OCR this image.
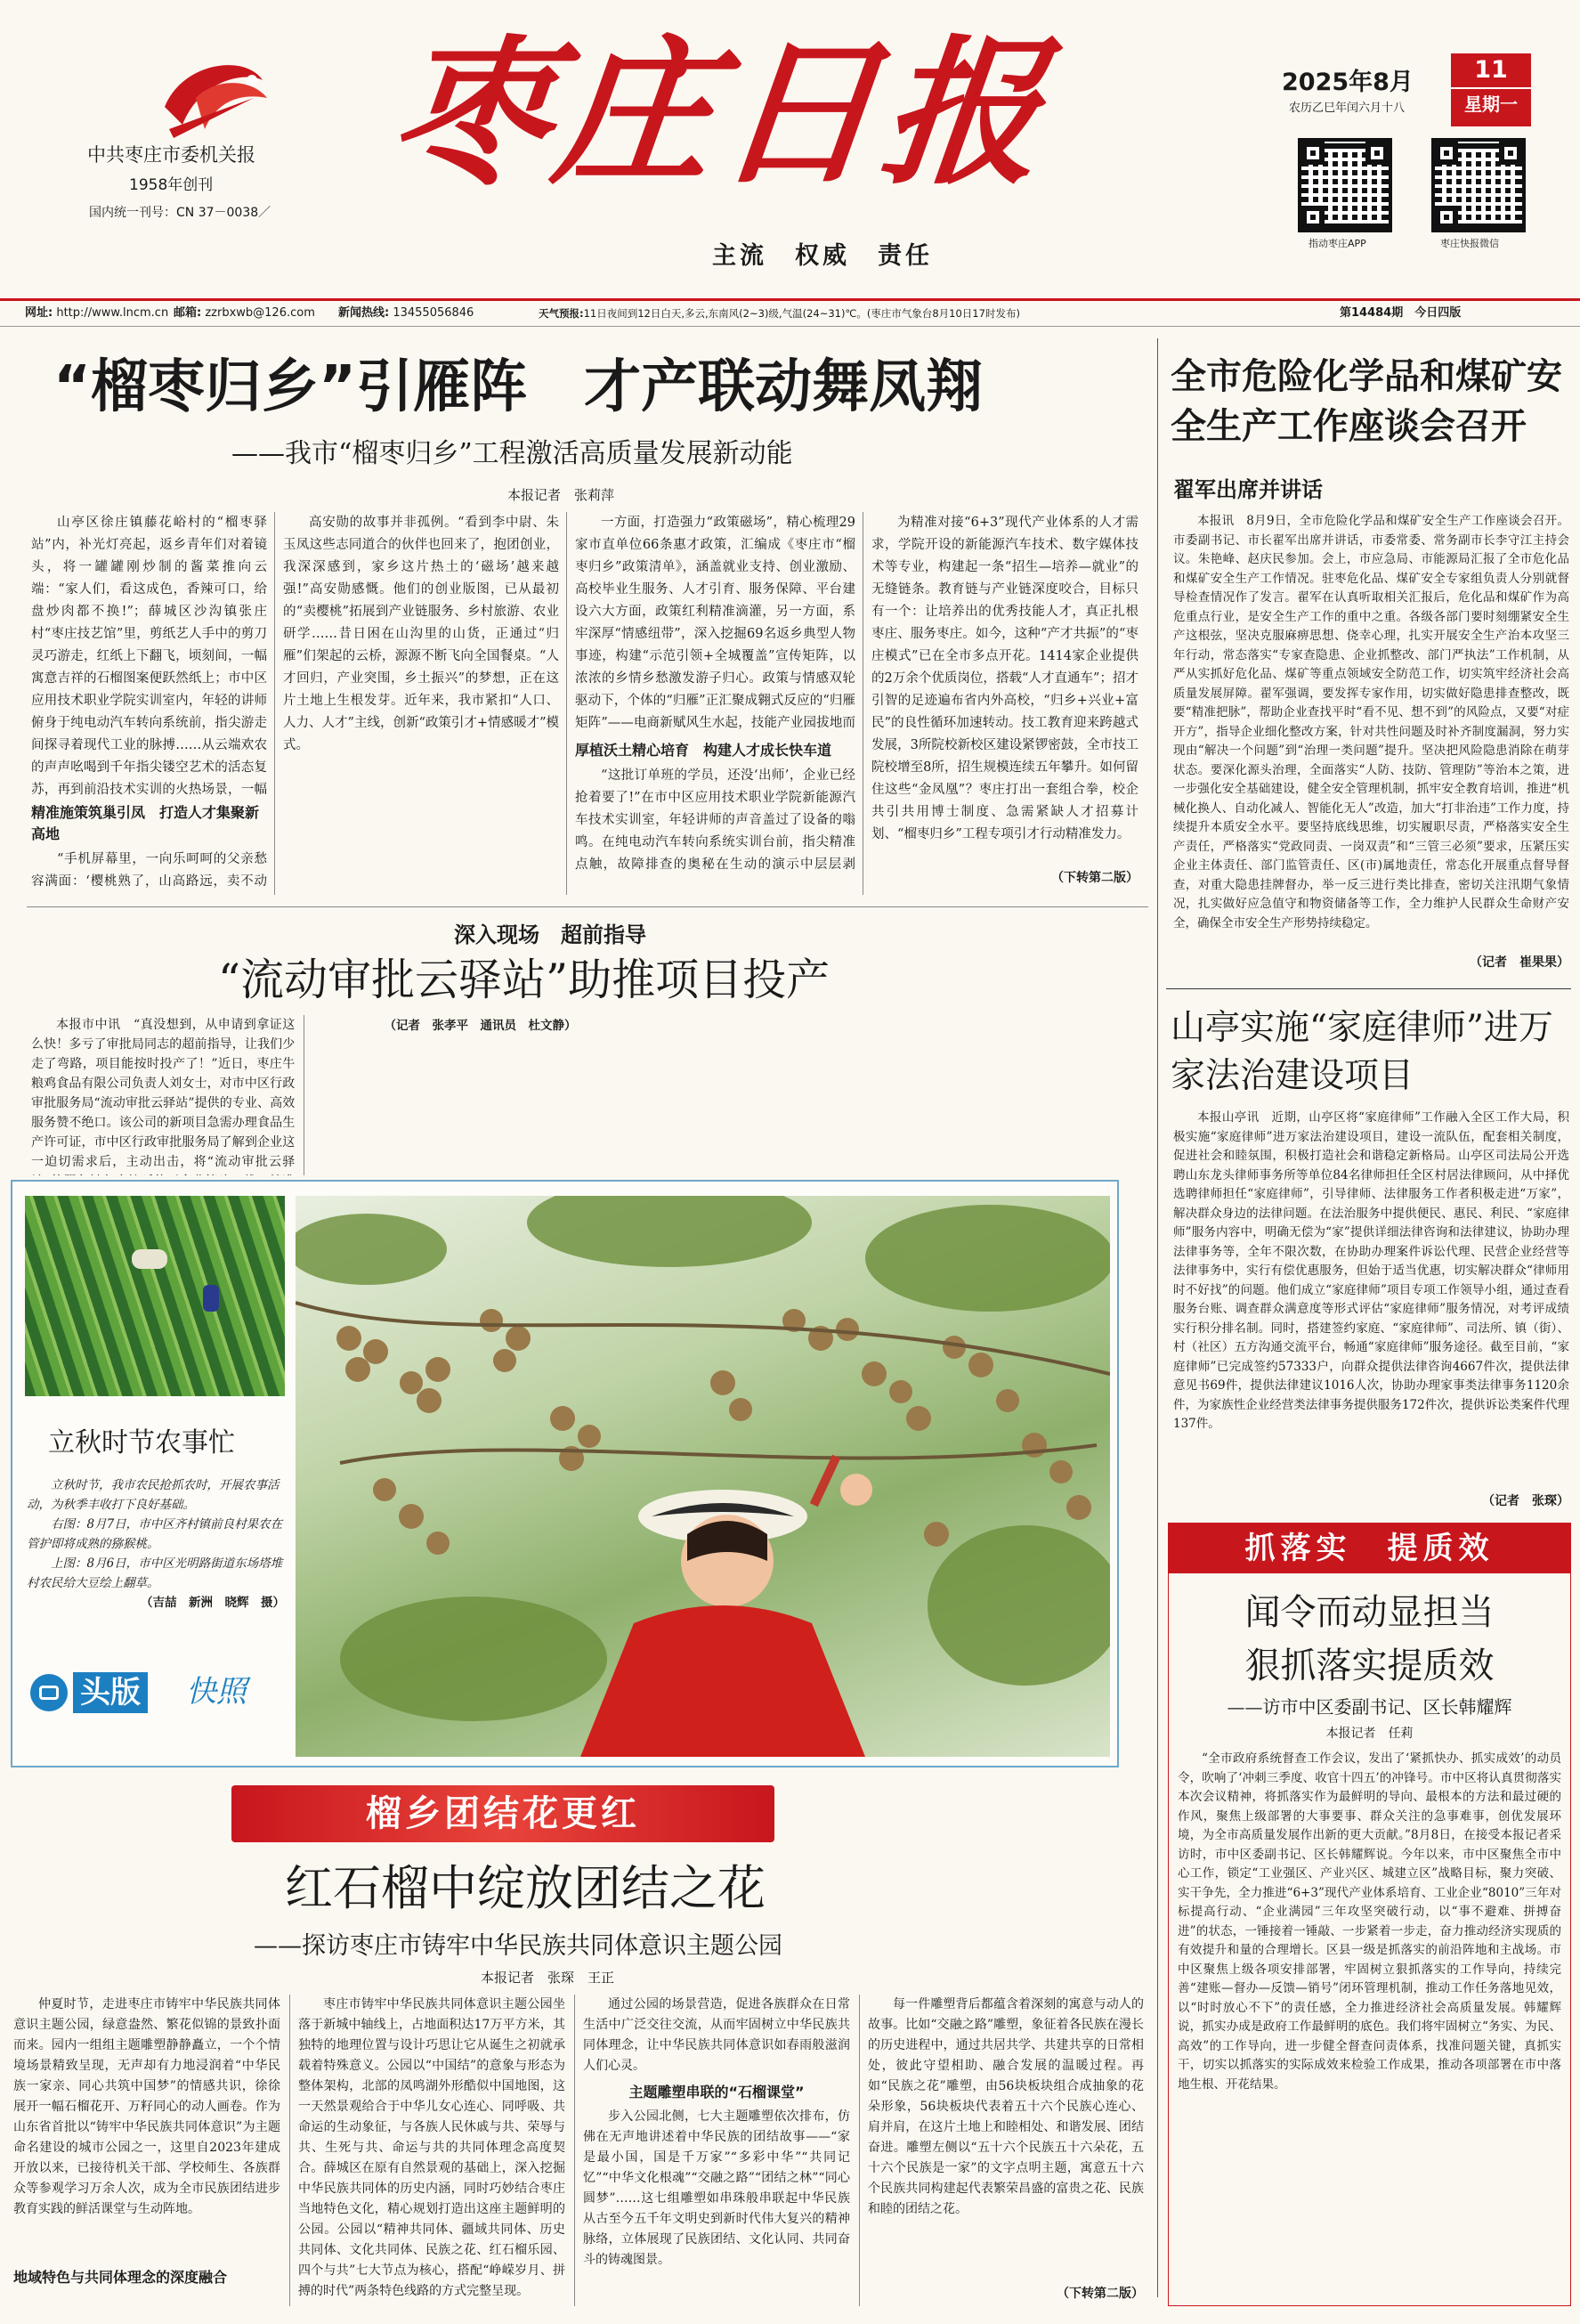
中共枣庄市委机关报
1958年创刊
国内统一刊号：CN 37－0038／
枣庄日报
主流　权威　责任
2025年8月
农历乙巳年闰六月十八
11
星期一
指动枣庄APP	枣庄快报微信
网址: http://www.lncm.cn 邮箱: zzrbxwb@126.com 新闻热线: 13455056846	天气预报:11日夜间到12日白天,多云,东南风(2~3)级,气温(24~31)℃。(枣庄市气象台8月10日17时发布)	第14484期　今日四版
“榴枣归乡”引雁阵　才产联动舞凤翔
——我市“榴枣归乡”工程激活高质量发展新动能
本报记者　张莉萍

山亭区徐庄镇藤花峪村的“榴枣驿站”内，补光灯亮起，返乡青年们对着镜头，将一罐罐刚炒制的酱菜推向云端：“家人们，看这成色，香辣可口，给盘炒肉都不换!”；薛城区沙沟镇张庄村“枣庄技艺馆”里，剪纸艺人手中的剪刀灵巧游走，红纸上下翻飞，顷刻间，一幅寓意吉祥的石榴图案便跃然纸上；市中区应用技术职业学院实训室内，年轻的讲师俯身于纯电动汽车转向系统前，指尖游走间探寻着现代工业的脉搏……从云端欢农的声声吆喝到千年指尖镂空艺术的活态复苏，再到前沿技术实训的火热场景，一幅

精准施策筑巢引凤　打造人才集聚新高地

“手机屏幕里，一向乐呵呵的父亲愁容满面：‘樱桃熟了，山高路远，卖不动

高安勋的故事并非孤例。“看到李中尉、朱玉凤这些志同道合的伙伴也回来了，抱团创业，我深深感到，家乡这片热土的‘磁场’越来越强!”高安勋感慨。他们的创业版图，已从最初的“卖樱桃”拓展到产业链服务、乡村旅游、农业研学……昔日困在山沟里的山货，正通过“归雁”们架起的云桥，源源不断飞向全国餐桌。“人才回归，产业突围，乡土振兴”的梦想，正在这片土地上生根发芽。近年来，我市紧扣“人口、人力、人才”主线，创新“政策引才+情感暖才”模式。

一方面，打造强力“政策磁场”，精心梳理29家市直单位66条惠才政策，汇编成《枣庄市“榴枣归乡”政策清单》，涵盖就业支持、创业激励、高校毕业生服务、人才引育、服务保障、平台建设六大方面，政策红利精准滴灌，另一方面，系牢深厚“情感纽带”，深入挖掘69名返乡典型人物事迹，构建“示范引领+全城覆盖”宣传矩阵，以浓浓的乡情乡愁激发游子归心。政策与情感双轮驱动下，个体的“归雁”正汇聚成翱式反应的“归雁矩阵”——电商新赋风生水起，技能产业园拔地而

厚植沃土精心培育　构建人才成长快车道

“这批订单班的学员，还没‘出师’，企业已经抢着要了!”在市中区应用技术职业学院新能源汽车技术实训室，年轻讲师的声音盖过了设备的嗡鸣。在纯电动汽车转向系统实训台前，指尖精准点触，故障排查的奥秘在生动的演示中层层剥

为精准对接“6+3”现代产业体系的人才需求，学院开设的新能源汽车技术、数字媒体技术等专业，构建起一条“招生—培养—就业”的无缝链条。教育链与产业链深度咬合，目标只有一个：让培养出的优秀技能人才，真正扎根枣庄、服务枣庄。如今，这种“产才共振”的“枣庄模式”已在全市多点开花。1414家企业提供的2万余个优质岗位，搭载“人才直通车”；招才引智的足迹遍布省内外高校，“归乡+兴业+富民”的良性循环加速转动。技工教育迎来跨越式发展，3所院校新校区建设紧锣密鼓，全市技工院校增至8所，招生规模连续五年攀升。如何留住这些“金凤凰”？枣庄打出一套组合拳，校企共引共用博士制度、急需紧缺人才招募计划、“榴枣归乡”工程专项引才行动精准发力。

（下转第二版）
全市危险化学品和煤矿安全生产工作座谈会召开
翟军出席并讲话

本报讯　8月9日，全市危险化学品和煤矿安全生产工作座谈会召开。市委副书记、市长翟军出席并讲话，市委常委、常务副市长李守江主持会议。朱艳峰、赵庆民参加。会上，市应急局、市能源局汇报了全市危化品和煤矿安全生产工作情况。驻枣危化品、煤矿安全专家组负责人分别就督导检查情况作了发言。翟军在认真听取相关汇报后，危化品和煤矿作为高危重点行业，是安全生产工作的重中之重。各级各部门要时刻绷紧安全生产这根弦，坚决克服麻痹思想、侥幸心理，扎实开展安全生产治本攻坚三年行动，常态落实“专家查隐患、企业抓整改、部门严执法”工作机制，从严从实抓好危化品、煤矿等重点领域安全防范工作，切实筑牢经济社会高质量发展屏障。翟军强调，要发挥专家作用，切实做好隐患排查整改，既要“精准把脉”，帮助企业查找平时“看不见、想不到”的风险点，又要“对症开方”，指导企业细化整改方案，针对共性问题及时补齐制度漏洞，努力实现由“解决一个问题”到“治理一类问题”提升。坚决把风险隐患消除在萌芽状态。要深化源头治理，全面落实“人防、技防、管理防”等治本之策，进一步强化安全基础建设，健全安全管理机制，抓牢安全教育培训，推进“机械化换人、自动化减人、智能化无人”改造，加大“打非治违”工作力度，持续提升本质安全水平。要坚持底线思维，切实履职尽责，严格落实安全生产责任，严格落实“党政同责、一岗双责”和“三管三必须”要求，压紧压实企业主体责任、部门监管责任、区(市)属地责任，常态化开展重点督导督查，对重大隐患挂牌督办，举一反三进行类比排查，密切关注汛期气象情况，扎实做好应急值守和物资储备等工作，全力维护人民群众生命财产安全，确保全市安全生产形势持续稳定。

（记者　崔果果）
山亭实施“家庭律师”进万家法治建设项目

本报山亭讯　近期，山亭区将“家庭律师”工作融入全区工作大局，积极实施“家庭律师”进万家法治建设项目，建设一流队伍，配套相关制度，促进社会和睦氛围，积极打造社会和谐稳定新格局。山亭区司法局公开选聘山东龙头律师事务所等单位84名律师担任全区村居法律顾问，从中择优选聘律师担任“家庭律师”，引导律师、法律服务工作者积极走进“万家”，解决群众身边的法律问题。在法治服务中提供便民、惠民、利民、“家庭律师”服务内容中，明确无偿为“家”提供详细法律咨询和法律建议，协助办理法律事务等，全年不限次数，在协助办理案件诉讼代理、民营企业经营等法律事务中，实行有偿优惠服务，但始于适当优惠，切实解决群众“律师用时不好找”的问题。他们成立“家庭律师”项目专项工作领导小组，通过查看服务台账、调查群众满意度等形式评估“家庭律师”服务情况，对考评成绩实行积分排名制。同时，搭建签约家庭、“家庭律师”、司法所、镇（街）、村（社区）五方沟通交流平台，畅通“家庭律师”服务途径。截至目前，“家庭律师”已完成签约57333户，向群众提供法律咨询4667件次，提供法律意见书69件，提供法律建议1016人次，协助办理家事类法律事务1120余件，为家族性企业经营类法律事务提供服务172件次，提供诉讼类案件代理137件。

（记者　张琛）
深入现场　超前指导
“流动审批云驿站”助推项目投产

本报市中讯　“真没想到，从申请到拿证这么快！多亏了审批局同志的超前指导，让我们少走了弯路，项目能按时投产了！”近日，枣庄牛粮鸡食品有限公司负责人刘女士，对市中区行政审批服务局“流动审批云驿站”提供的专业、高效服务赞不绝口。该公司的新项目急需办理食品生产许可证，市中区行政审批服务局了解到企业这一迫切需求后，主动出击，将“流动审批云驿

（记者　张孝平　通讯员　杜文静）
立秋时节农事忙

立秋时节，我市农民抢抓农时，开展农事活动，为秋季丰收打下良好基础。

右图：8月7日，市中区齐村镇前良村果农在管护即将成熟的猕猴桃。

上图：8月6日，市中区光明路街道东场塔堆村农民给大豆绘上翻草。

（吉喆　新洲　晓辉　摄）

头版 快照
榴乡团结花更红
红石榴中绽放团结之花
——探访枣庄市铸牢中华民族共同体意识主题公园
本报记者　张琛　王正

仲夏时节，走进枣庄市铸牢中华民族共同体意识主题公园，绿意盎然、繁花似锦的景致扑面而来。园内一组组主题雕塑静静矗立，一个个情境场景精致呈现，无声却有力地浸润着“中华民族一家亲、同心共筑中国梦”的情感共识，徐徐展开一幅石榴花开、万籽同心的动人画卷。作为山东省首批以“铸牢中华民族共同体意识”为主题命名建设的城市公园之一，这里自2023年建成开放以来，已接待机关干部、学校师生、各族群众等参观学习万余人次，成为全市民族团结进步教育实践的鲜活课堂与生动阵地。

地域特色与共同体理念的深度融合

枣庄市铸牢中华民族共同体意识主题公园坐落于新城中轴线上，占地面积达17万平方米，其独特的地理位置与设计巧思让它从诞生之初就承载着特殊意义。公园以“中国结”的意象与形态为整体架构，北部的凤鸣湖外形酷似中国地图，这一天然景观给合于中华儿女心连心、同呼吸、共命运的生动象征，与各族人民休戚与共、荣辱与共、生死与共、命运与共的共同体理念高度契合。薛城区在原有自然景观的基础上，深入挖掘中华民族共同体的历史内涵，同时巧妙结合枣庄当地特色文化，精心规划打造出这座主题鲜明的公园。公园以“精神共同体、疆域共同体、历史共同体、文化共同体、民族之花、红石榴乐园、四个与共”七大节点为核心，搭配“峥嵘岁月、拼搏的时代”两条特色线路的方式完整呈现。

通过公园的场景营造，促进各族群众在日常生活中广泛交往交流，从而牢固树立中华民族共同体理念，让中华民族共同体意识如春雨般滋润人们心灵。

主题雕塑串联的“石榴课堂”

步入公园北侧，七大主题雕塑依次排布，仿佛在无声地讲述着中华民族的团结故事——“家是最小国，国是千万家”“多彩中华”“共同记忆”“中华文化根魂”“交融之路”“团结之林”“同心圆梦”……这七组雕塑如串珠般串联起中华民族从古至今五千年文明史到新时代伟大复兴的精神脉络，立体展现了民族团结、文化认同、共同奋斗的铸魂图景。

每一件雕塑背后都蕴含着深刻的寓意与动人的故事。比如“交融之路”雕塑，象征着各民族在漫长的历史进程中，通过共居共学、共建共享的日常相处，彼此守望相助、融合发展的温暖过程。再如“民族之花”雕塑，由56块板块组合成抽象的花朵形象，56块板块代表着五十六个民族心连心、肩并肩，在这片土地上和睦相处、和谐发展、团结奋进。雕塑左侧以“五十六个民族五十六朵花，五十六个民族是一家”的文字点明主题，寓意五十六个民族共同构建起代表繁荣昌盛的富贵之花、民族和睦的团结之花。

（下转第二版）
抓落实　提质效
闻令而动显担当
狠抓落实提质效
——访市中区委副书记、区长韩耀辉
本报记者　任莉

“全市政府系统督查工作会议，发出了‘紧抓快办、抓实成效’的动员令，吹响了‘冲刺三季度、收官十四五’的冲锋号。市中区将认真贯彻落实本次会议精神，将抓落实作为最鲜明的导向、最根本的方法和最过硬的作风，聚焦上级部署的大事要事、群众关注的急事难事，创优发展环境，为全市高质量发展作出新的更大贡献。”8月8日，在接受本报记者采访时，市中区委副书记、区长韩耀辉说。今年以来，市中区聚焦全市中心工作，锁定“工业强区、产业兴区、城建立区”战略目标，聚力突破、实干争先，全力推进“6+3”现代产业体系培育、工业企业“8010”三年对标提高行动、“企业满园”三年攻坚突破行动，以“事不避难、拼搏奋进”的状态，一锤接着一锤敲、一步紧着一步走，奋力推动经济实现质的有效提升和量的合理增长。区县一级是抓落实的前沿阵地和主战场。市中区聚焦上级各项安排部署，牢固树立狠抓落实的工作导向，持续完善“建账—督办—反馈—销号”闭环管理机制，推动工作任务落地见效，以“时时放心不下”的责任感，全力推进经济社会高质量发展。韩耀辉说，抓实办成是政府工作最鲜明的底色。我们将牢固树立“务实、为民、高效”的工作导向，进一步健全督查问责体系，找准问题关键，真抓实干，切实以抓落实的实际成效来检验工作成果，推动各项部署在市中落地生根、开花结果。
